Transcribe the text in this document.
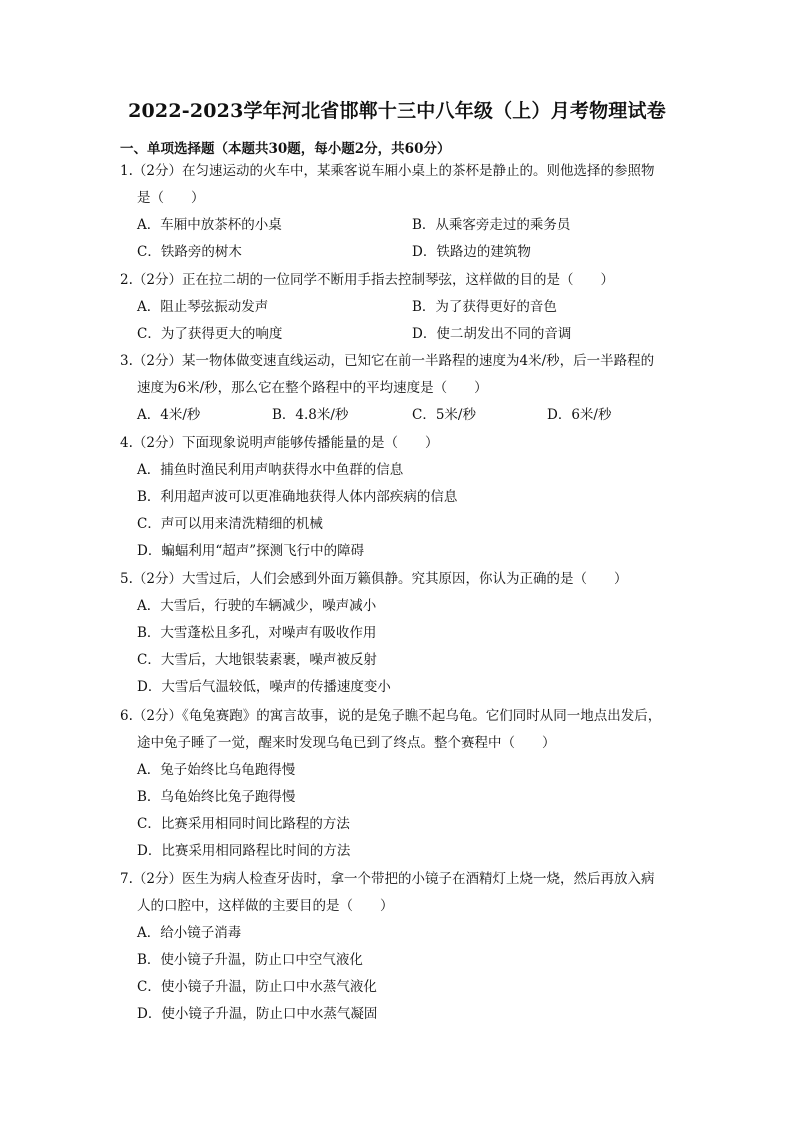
2022-2023学年河北省邯郸十三中八年级（上）月考物理试卷
一、单项选择题（本题共30题，每小题2分，共60分）
1.（2分）在匀速运动的火车中，某乘客说车厢小桌上的茶杯是静止的。则他选择的参照物
是（　　）
A．车厢中放茶杯的小桌	B．从乘客旁走过的乘务员
C．铁路旁的树木	D．铁路边的建筑物
2.（2分）正在拉二胡的一位同学不断用手指去控制琴弦，这样做的目的是（　　）
A．阻止琴弦振动发声	B．为了获得更好的音色
C．为了获得更大的响度	D．使二胡发出不同的音调
3.（2分）某一物体做变速直线运动，已知它在前一半路程的速度为4米/秒，后一半路程的
速度为6米/秒，那么它在整个路程中的平均速度是（　　）
A．4米/秒	B．4.8米/秒	C．5米/秒	D．6米/秒
4.（2分）下面现象说明声能够传播能量的是（　　）
A．捕鱼时渔民利用声呐获得水中鱼群的信息
B．利用超声波可以更准确地获得人体内部疾病的信息
C．声可以用来清洗精细的机械
D．蝙蝠利用“超声”探测飞行中的障碍
5.（2分）大雪过后，人们会感到外面万籁俱静。究其原因，你认为正确的是（　　）
A．大雪后，行驶的车辆减少，噪声减小
B．大雪蓬松且多孔，对噪声有吸收作用
C．大雪后，大地银装素裹，噪声被反射
D．大雪后气温较低，噪声的传播速度变小
6.（2分）《龟兔赛跑》的寓言故事，说的是兔子瞧不起乌龟。它们同时从同一地点出发后，
途中兔子睡了一觉，醒来时发现乌龟已到了终点。整个赛程中（　　）
A．兔子始终比乌龟跑得慢
B．乌龟始终比兔子跑得慢
C．比赛采用相同时间比路程的方法
D．比赛采用相同路程比时间的方法
7.（2分）医生为病人检查牙齿时，拿一个带把的小镜子在酒精灯上烧一烧，然后再放入病
人的口腔中，这样做的主要目的是（　　）
A．给小镜子消毒
B．使小镜子升温，防止口中空气液化
C．使小镜子升温，防止口中水蒸气液化
D．使小镜子升温，防止口中水蒸气凝固
